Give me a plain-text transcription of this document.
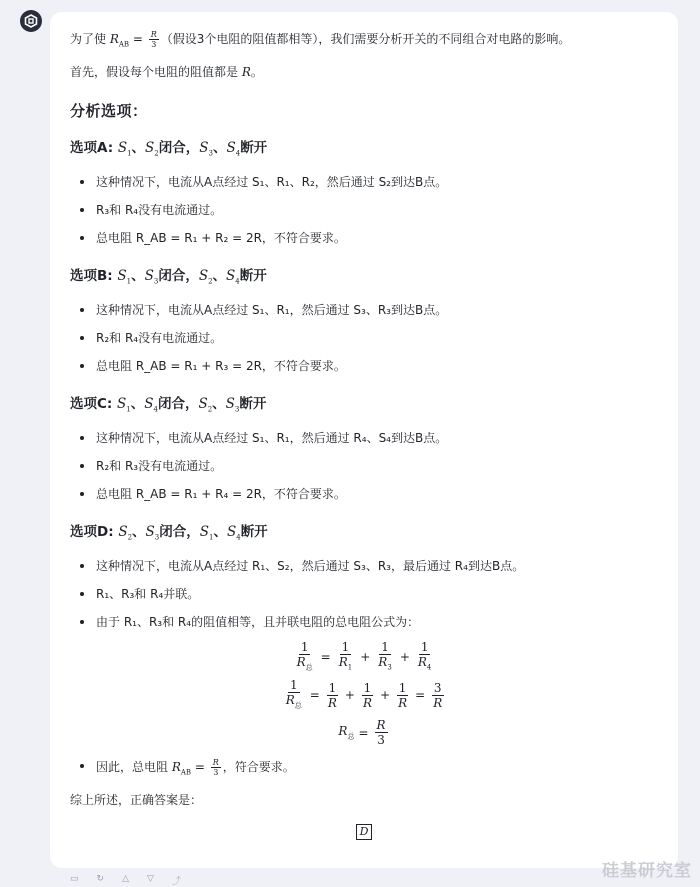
为了使 $R_{AB} = \frac{R}{3}$ （假设3个电阻的阻值都相等），我们需要分析开关的不同组合对电路的影响。
首先，假设每个电阻的阻值都是 R。
分析选项：
选项A: $S_1$、$S_2$闭合，$S_3$、$S_4$断开
这种情况下，电流从A点经过 S₁、R₁、R₂，然后通过 S₂到达B点。
R₃和 R₄没有电流通过。
总电阻 R_AB = R₁ + R₂ = 2R，不符合要求。
选项B: $S_1$、$S_3$闭合，$S_2$、$S_4$断开
这种情况下，电流从A点经过 S₁、R₁，然后通过 S₃、R₃到达B点。
R₂和 R₄没有电流通过。
总电阻 R_AB = R₁ + R₃ = 2R，不符合要求。
选项C: $S_1$、$S_4$闭合，$S_2$、$S_3$断开
这种情况下，电流从A点经过 S₁、R₁，然后通过 R₄、S₄到达B点。
R₂和 R₃没有电流通过。
总电阻 R_AB = R₁ + R₄ = 2R，不符合要求。
选项D: $S_2$、$S_3$闭合，$S_1$、$S_4$断开
这种情况下，电流从A点经过 R₁、S₂，然后通过 S₃、R₃，最后通过 R₄到达B点。
R₁、R₃和 R₄并联。
由于 R₁、R₃和 R₄的阻值相等，且并联电阻的总电阻公式为：
$\frac{1}{R_总} = \frac{1}{R_1} + \frac{1}{R_3} + \frac{1}{R_4}$
$\frac{1}{R_总} = \frac{1}{R} + \frac{1}{R} + \frac{1}{R} = \frac{3}{R}$
$R_总 = \frac{R}{3}$
因此，总电阻 $R_{AB} = \frac{R}{3}$ ，符合要求。
综上所述，正确答案是：
D
▭ ↻ △ ▽ ⤴
硅基研究室
